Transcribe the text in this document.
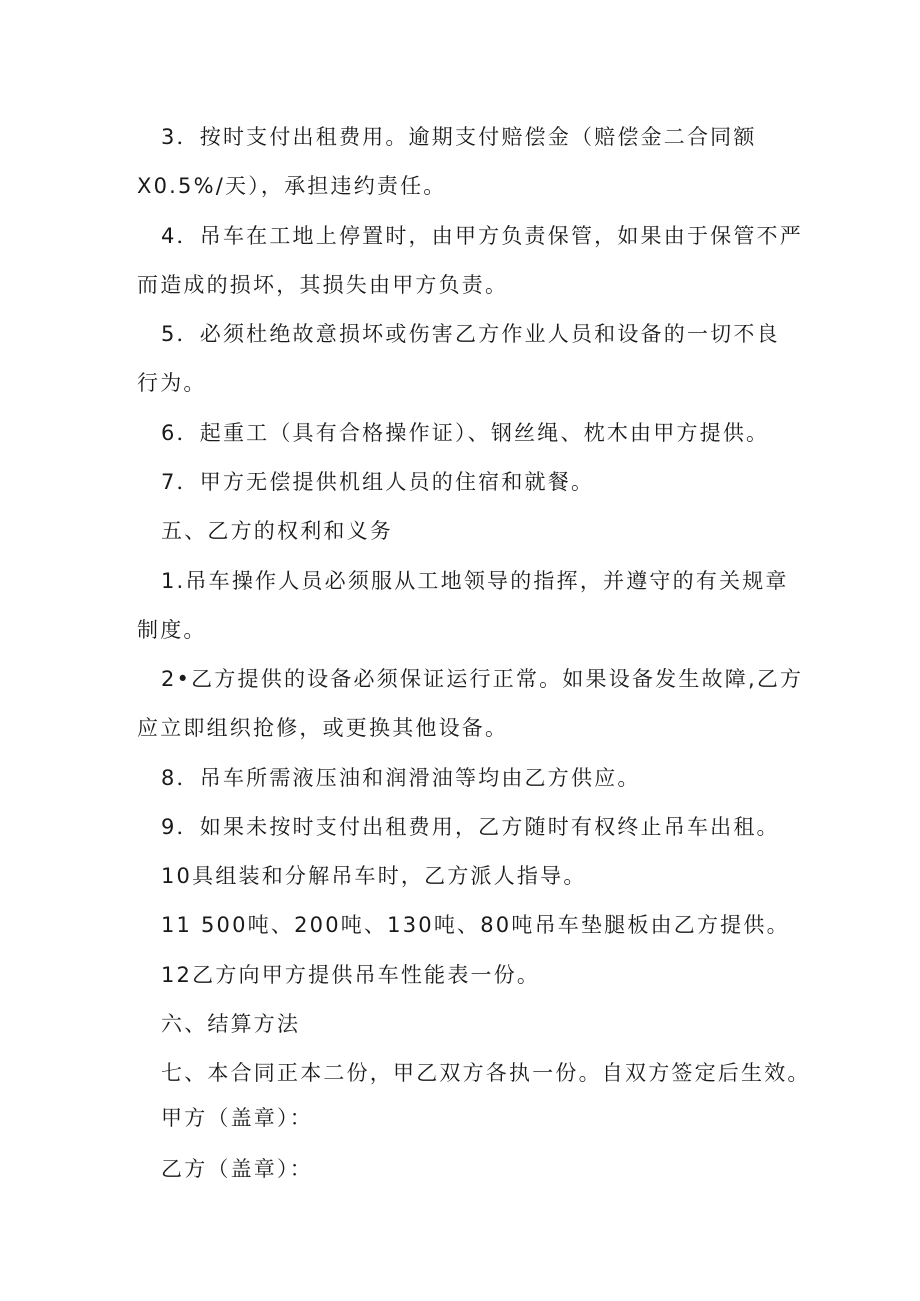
3．按时支付出租费用。逾期支付赔偿金（赔偿金二合同额
X0.5%/天），承担违约责任。
4．吊车在工地上停置时，由甲方负责保管，如果由于保管不严
而造成的损坏，其损失由甲方负责。
5．必须杜绝故意损坏或伤害乙方作业人员和设备的一切不良
行为。
6．起重工（具有合格操作证）、钢丝绳、枕木由甲方提供。
7．甲方无偿提供机组人员的住宿和就餐。
五、乙方的权利和义务
1.吊车操作人员必须服从工地领导的指挥，并遵守的有关规章
制度。
2•乙方提供的设备必须保证运行正常。如果设备发生故障,乙方
应立即组织抢修，或更换其他设备。
8．吊车所需液压油和润滑油等均由乙方供应。
9．如果未按时支付出租费用，乙方随时有权终止吊车出租。
10具组装和分解吊车时，乙方派人指导。
11 500吨、200吨、130吨、80吨吊车垫腿板由乙方提供。
12乙方向甲方提供吊车性能表一份。
六、结算方法
七、本合同正本二份，甲乙双方各执一份。自双方签定后生效。
甲方（盖章）：
乙方（盖章）：
